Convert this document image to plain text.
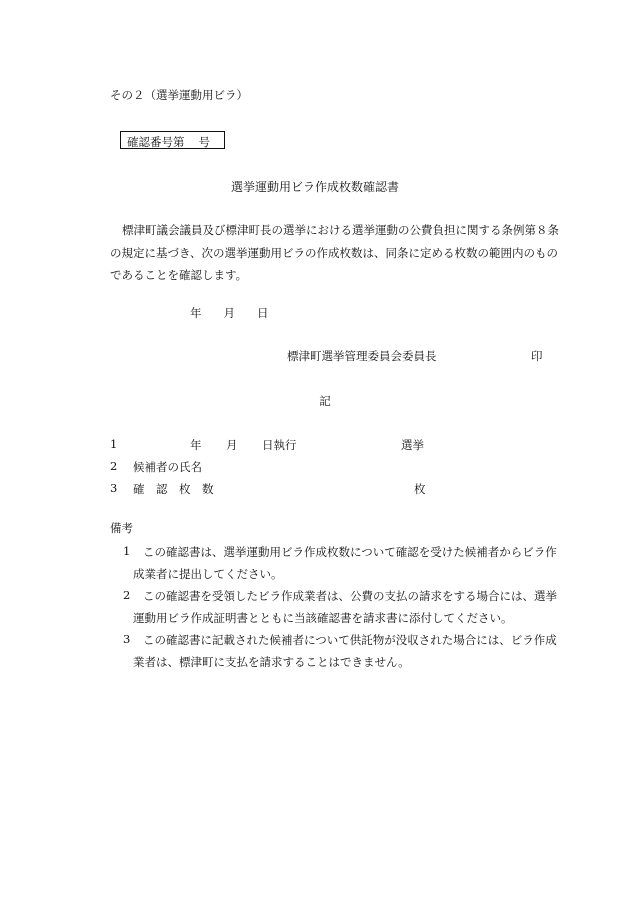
その２（選挙運動用ビラ）
確認番号第 号
選挙運動用ビラ作成枚数確認書
標津町議会議員及び標津町長の選挙における選挙運動の公費負担に関する条例第８条
の規定に基づき、次の選挙運動用ビラの作成枚数は、同条に定める枚数の範囲内のもの
であることを確認します。
年 月 日
標津町選挙管理委員会委員長	印
記
1	年 月 日執行	選挙
2 候補者の氏名
3 確　認　枚　数	枚
備考
1 この確認書は、選挙運動用ビラ作成枚数について確認を受けた候補者からビラ作
成業者に提出してください。
2 この確認書を受領したビラ作成業者は、公費の支払の請求をする場合には、選挙
運動用ビラ作成証明書とともに当該確認書を請求書に添付してください。
3 この確認書に記載された候補者について供託物が没収された場合には、ビラ作成
業者は、標津町に支払を請求することはできません。
